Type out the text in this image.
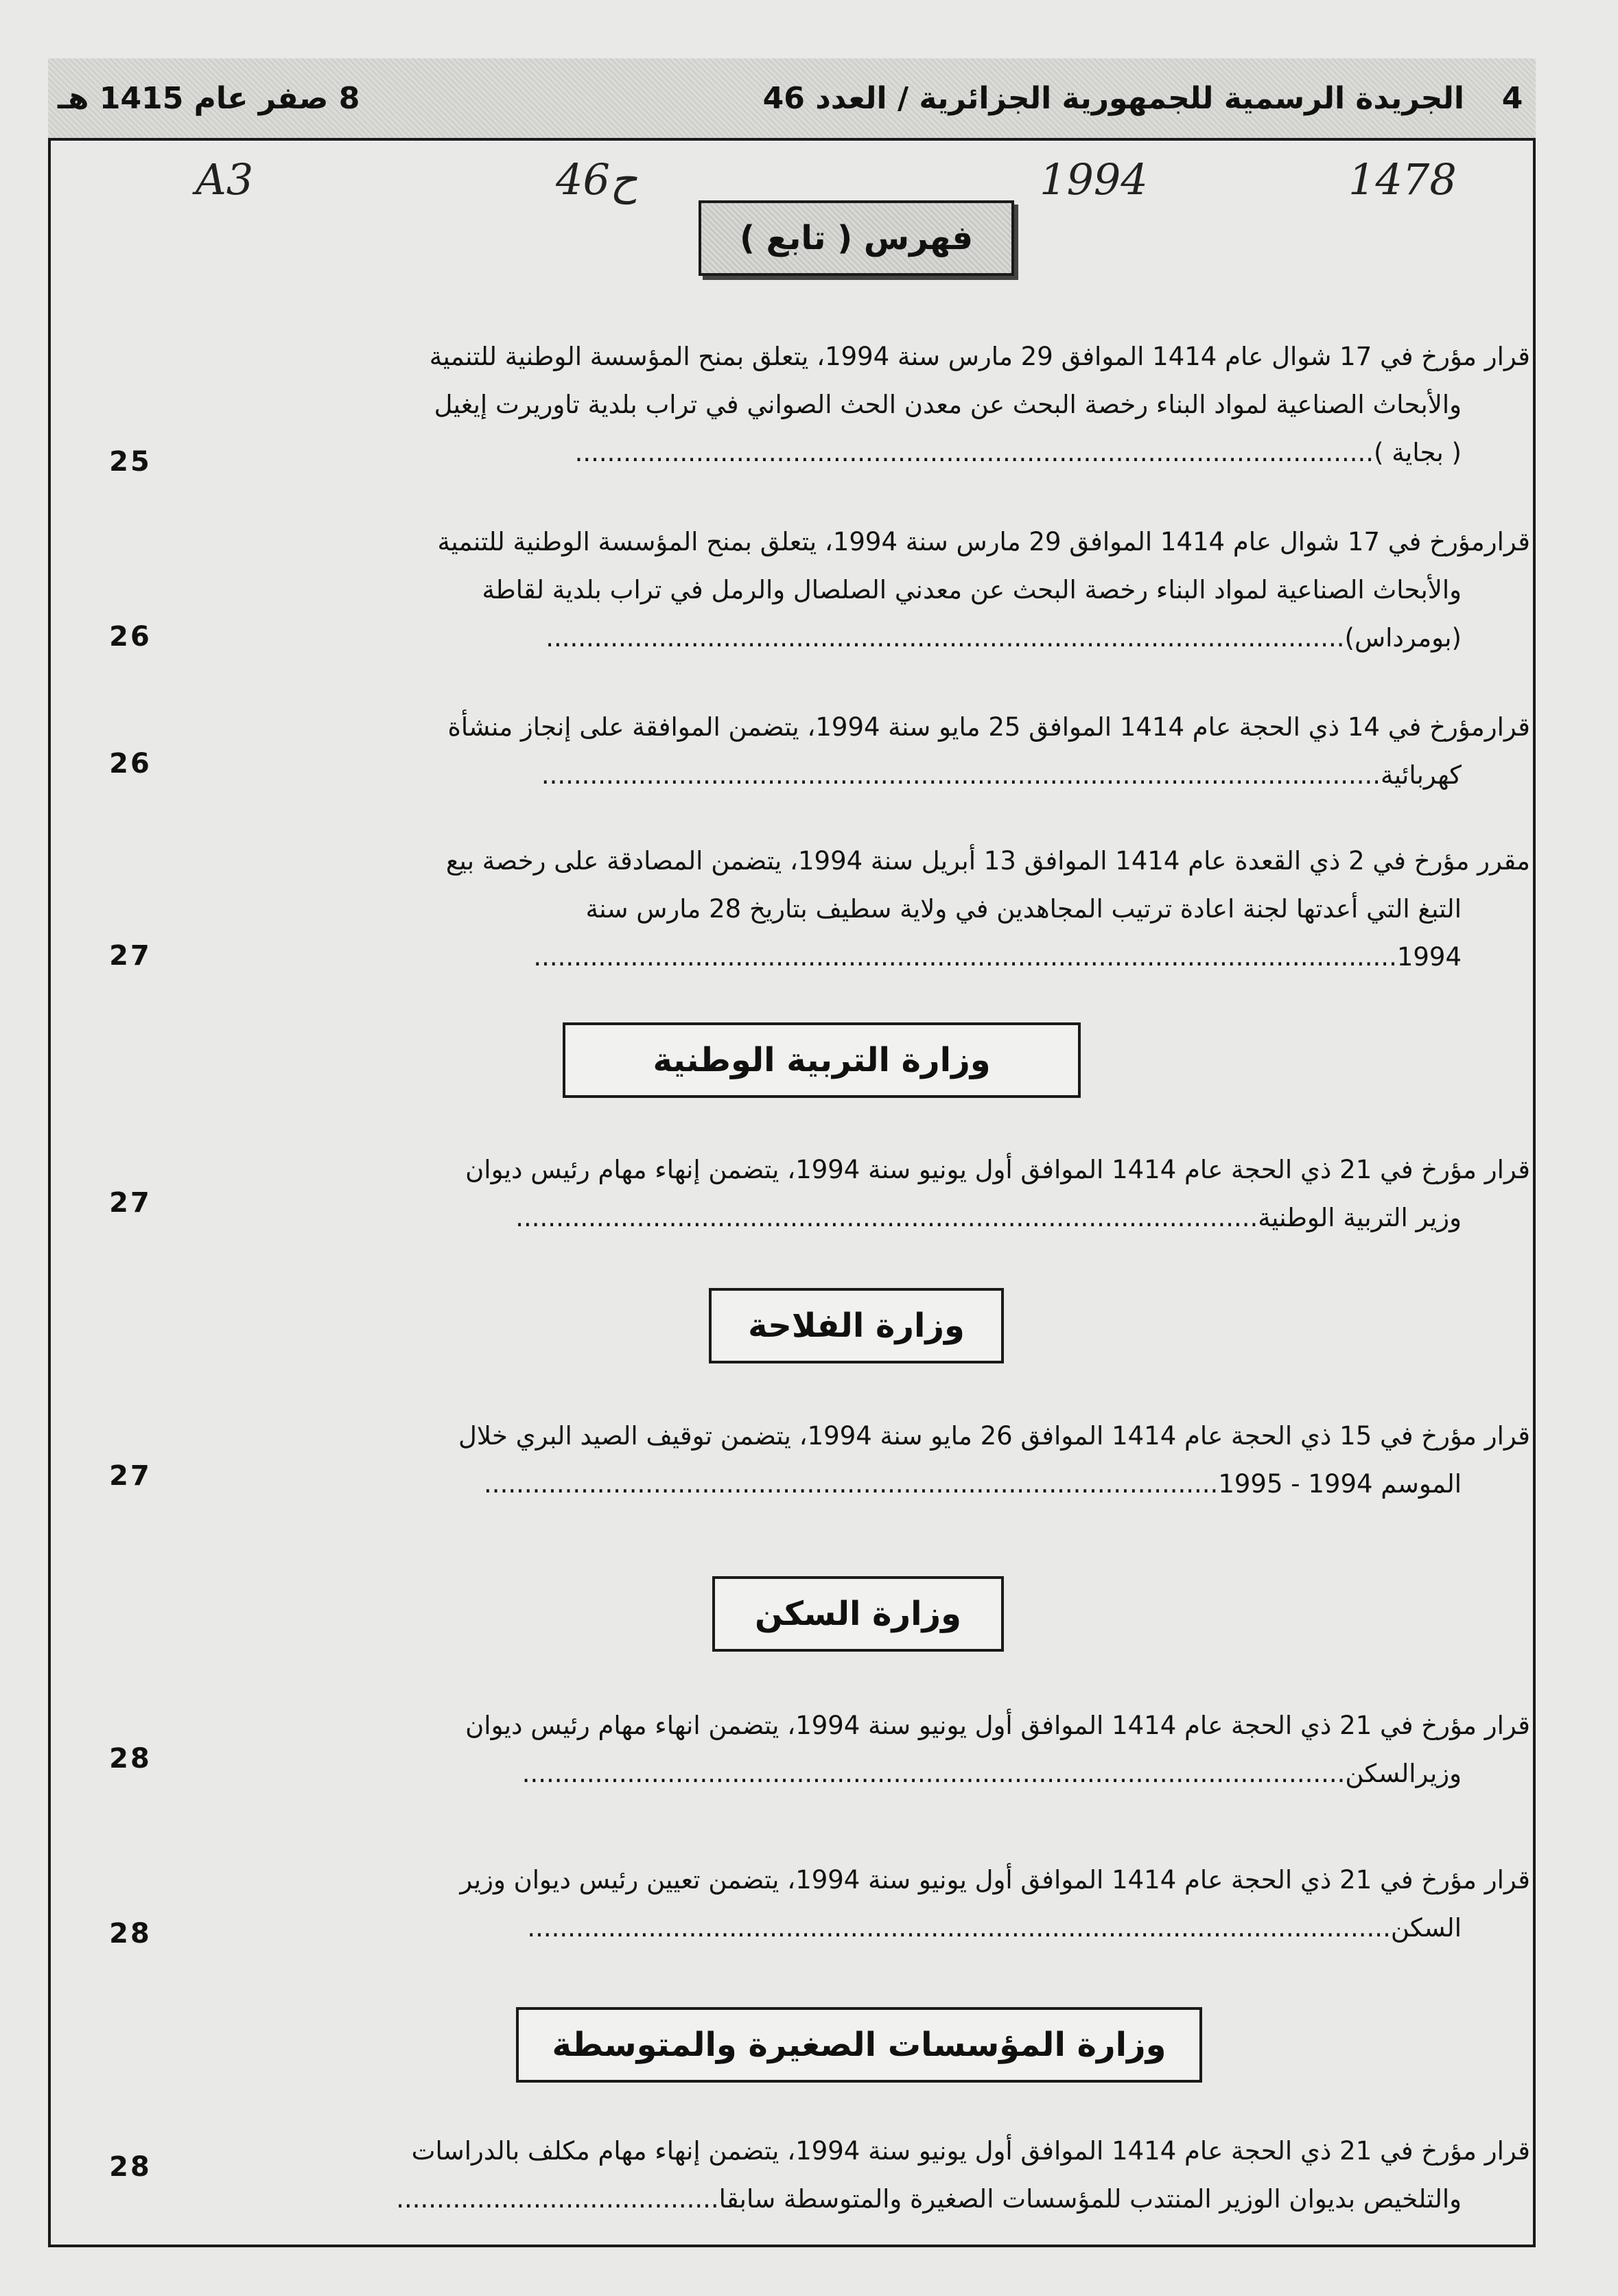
4
الجريدة الرسمية للجمهورية الجزائرية / العدد 46
8 صفر عام 1415 هـ
A3	46ح	1994	1478
فهرس ( تابع )
قرار مؤرخ في 17 شوال عام 1414 الموافق 29 مارس سنة 1994، يتعلق بمنح المؤسسة الوطنية للتنمية
والأبحاث الصناعية لمواد البناء رخصة البحث عن معدن الحث الصواني في تراب بلدية تاوريرت إيغيل
( بجاية )...................................................................................................
25
قرارمؤرخ في 17 شوال عام 1414 الموافق 29 مارس سنة 1994، يتعلق بمنح المؤسسة الوطنية للتنمية
والأبحاث الصناعية لمواد البناء رخصة البحث عن معدني الصلصال والرمل في تراب بلدية لقاطة
(بومرداس)...................................................................................................
26
قرارمؤرخ في 14 ذي الحجة عام 1414 الموافق 25 مايو سنة 1994، يتضمن الموافقة على إنجاز منشأة
كهربائية........................................................................................................
26
مقرر مؤرخ في 2 ذي القعدة عام 1414 الموافق 13 أبريل سنة 1994، يتضمن المصادقة على رخصة بيع
التبغ التي أعدتها لجنة اعادة ترتيب المجاهدين في ولاية سطيف بتاريخ 28 مارس سنة
1994...........................................................................................................
27
وزارة التربية الوطنية
قرار مؤرخ في 21 ذي الحجة عام 1414 الموافق أول يونيو سنة 1994، يتضمن إنهاء مهام رئيس ديوان
وزير التربية الوطنية............................................................................................
27
وزارة الفلاحة
قرار مؤرخ في 15 ذي الحجة عام 1414 الموافق 26 مايو سنة 1994، يتضمن توقيف الصيد البري خلال
الموسم 1994 - 1995...........................................................................................
27
وزارة السكن
قرار مؤرخ في 21 ذي الحجة عام 1414 الموافق أول يونيو سنة 1994، يتضمن انهاء مهام رئيس ديوان
وزيرالسكن......................................................................................................
28
قرار مؤرخ في 21 ذي الحجة عام 1414 الموافق أول يونيو سنة 1994، يتضمن تعيين رئيس ديوان وزير
السكن...........................................................................................................
28
وزارة المؤسسات الصغيرة والمتوسطة
قرار مؤرخ في 21 ذي الحجة عام 1414 الموافق أول يونيو سنة 1994، يتضمن إنهاء مهام مكلف بالدراسات
والتلخيص بديوان الوزير المنتدب للمؤسسات الصغيرة والمتوسطة سابقا........................................
28
